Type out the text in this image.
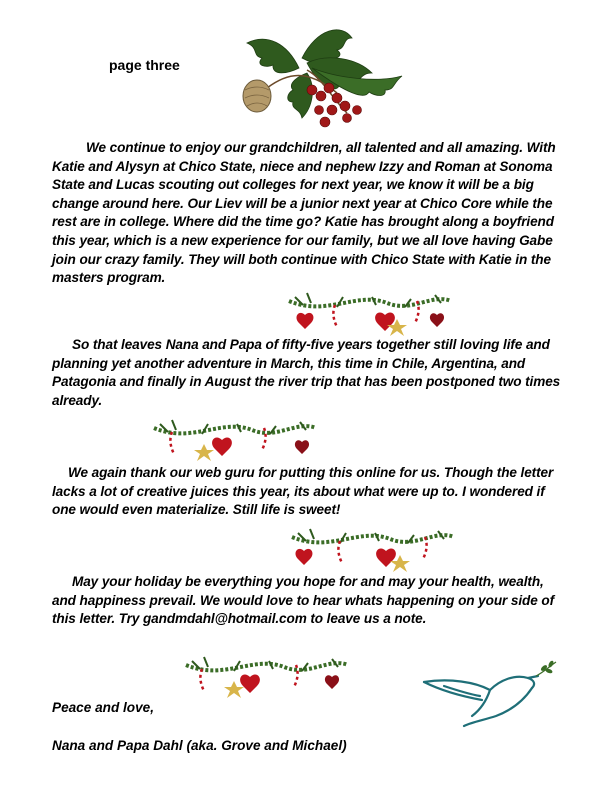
page three

We continue to enjoy our grandchildren, all talented and all amazing. With Katie and Alysyn at Chico State, niece and nephew Izzy and Roman at Sonoma State and Lucas scouting out colleges for next year, we know it will be a big change around here. Our Liev will be a junior next year at Chico Core while the rest are in college. Where did the time go? Katie has brought along a boyfriend this year, which is a new experience for our family, but we all love having Gabe join our crazy family. They will both continue with Chico State with Katie in the masters program.

So that leaves Nana and Papa of fifty-five years together still loving life and planning yet another adventure in March, this time in Chile, Argentina, and Patagonia and finally in August the river trip that has been postponed two times already.

We again thank our web guru for putting this online for us. Though the letter lacks a lot of creative juices this year, its about what were up to. I wondered if one would even materialize. Still life is sweet!

May your holiday be everything you hope for and may your health, wealth, and happiness prevail. We would love to hear whats happening on your side of this letter. Try gandmdahl@hotmail.com to leave us a note.

Peace and love,
Nana and Papa Dahl (aka. Grove and Michael)
